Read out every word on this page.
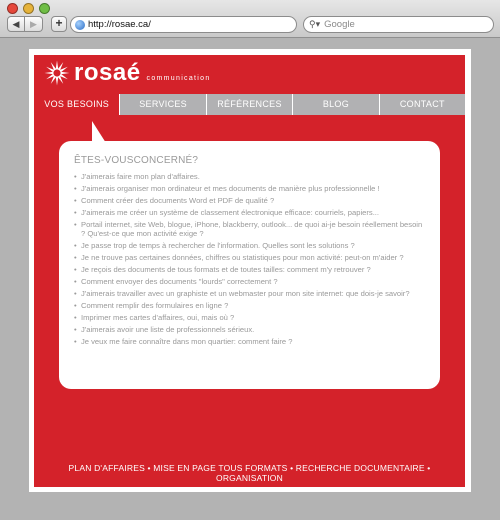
◀	▶	+	http://rosae.ca/	⚲▾ Google
rosaé communication
VOS BESOINS	SERVICES	RÉFÉRENCES	BLOG	CONTACT
ÊTES-VOUSCONCERNÉ?
• J'aimerais faire mon plan d'affaires.
• J'aimerais organiser mon ordinateur et mes documents de manière plus professionnelle !
• Comment créer des documents Word et PDF de qualité ?
• J'aimerais me créer un système de classement électronique efficace: courriels, papiers...
• Portail internet, site Web, blogue, iPhone, blackberry, outlook... de quoi ai-je besoin réellement besoin ? Qu'est-ce que mon activité exige ?
• Je passe trop de temps à rechercher de l'information. Quelles sont les solutions ?
• Je ne trouve pas certaines données, chiffres ou statistiques pour mon activité: peut-on m'aider ?
• Je reçois des documents de tous formats et de toutes tailles: comment m'y retrouver ?
• Comment envoyer des documents "lourds" correctement ?
• J'aimerais travailler avec un graphiste et un webmaster pour mon site internet: que dois-je savoir?
• Comment remplir des formulaires en ligne ?
• Imprimer mes cartes d'affaires, oui, mais où ?
• J'aimerais avoir une liste de professionnels sérieux.
• Je veux me faire connaître dans mon quartier: comment faire ?
PLAN D'AFFAIRES • MISE EN PAGE TOUS FORMATS • RECHERCHE DOCUMENTAIRE • ORGANISATION
